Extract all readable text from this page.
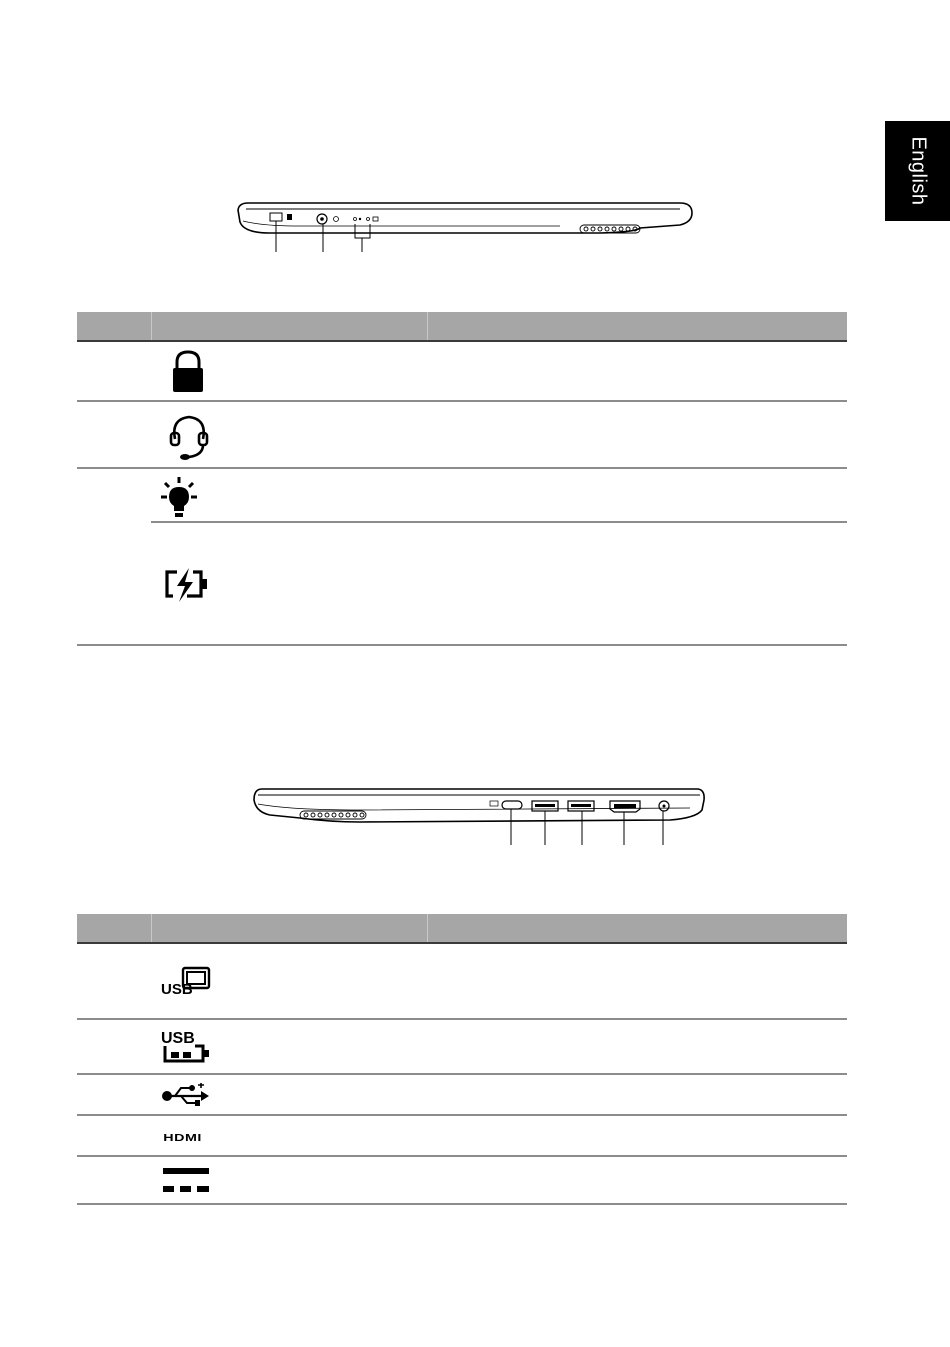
English
USB
USB
HDMI
